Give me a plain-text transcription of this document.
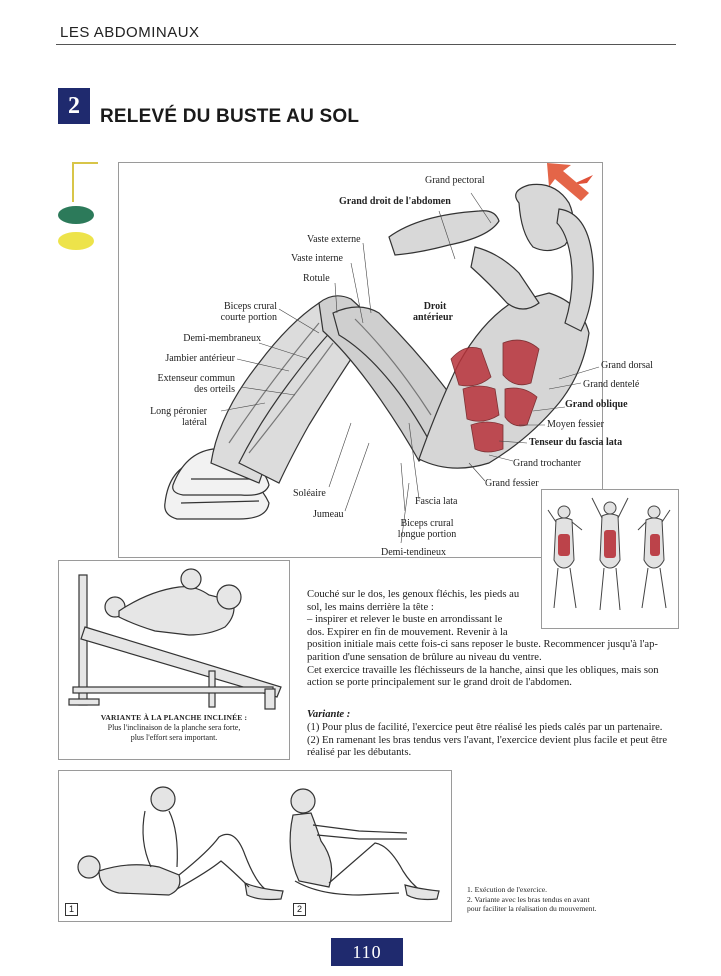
LES ABDOMINAUX
2	RELEVÉ DU BUSTE AU SOL
Grand pectoral
Grand droit de l'abdomen
Vaste externe
Vaste interne
Rotule
Biceps crural
courte portion
Droit
antérieur
Demi-membraneux
Jambier antérieur
Extenseur commun
des orteils
Long péronier
latéral
Grand dorsal
Grand dentelé
Grand oblique
Moyen fessier
Tenseur du fascia lata
Grand trochanter
Grand fessier
Soléaire
Fascia lata
Jumeau
Biceps crural
longue portion
Demi-tendineux
VARIANTE À LA PLANCHE INCLINÉE :
Plus l'inclinaison de la planche sera forte,
plus l'effort sera important.
Couché sur le dos, les genoux fléchis, les pieds au
sol, les mains derrière la tête :
– inspirer et relever le buste en arrondissant le
dos. Expirer en fin de mouvement. Revenir à la
position initiale mais cette fois-ci sans reposer le buste. Recommencer jusqu'à l'ap-
parition d'une sensation de brûlure au niveau du ventre.
Cet exercice travaille les fléchisseurs de la hanche, ainsi que les obliques, mais son
action se porte principalement sur le grand droit de l'abdomen.
Variante :
(1) Pour plus de facilité, l'exercice peut être réalisé les pieds calés par un partenaire.
(2) En ramenant les bras tendus vers l'avant, l'exercice devient plus facile et peut être
réalisé par les débutants.
1	2
1. Exécution de l'exercice.
2. Variante avec les bras tendus en avant
pour faciliter la réalisation du mouvement.
110
